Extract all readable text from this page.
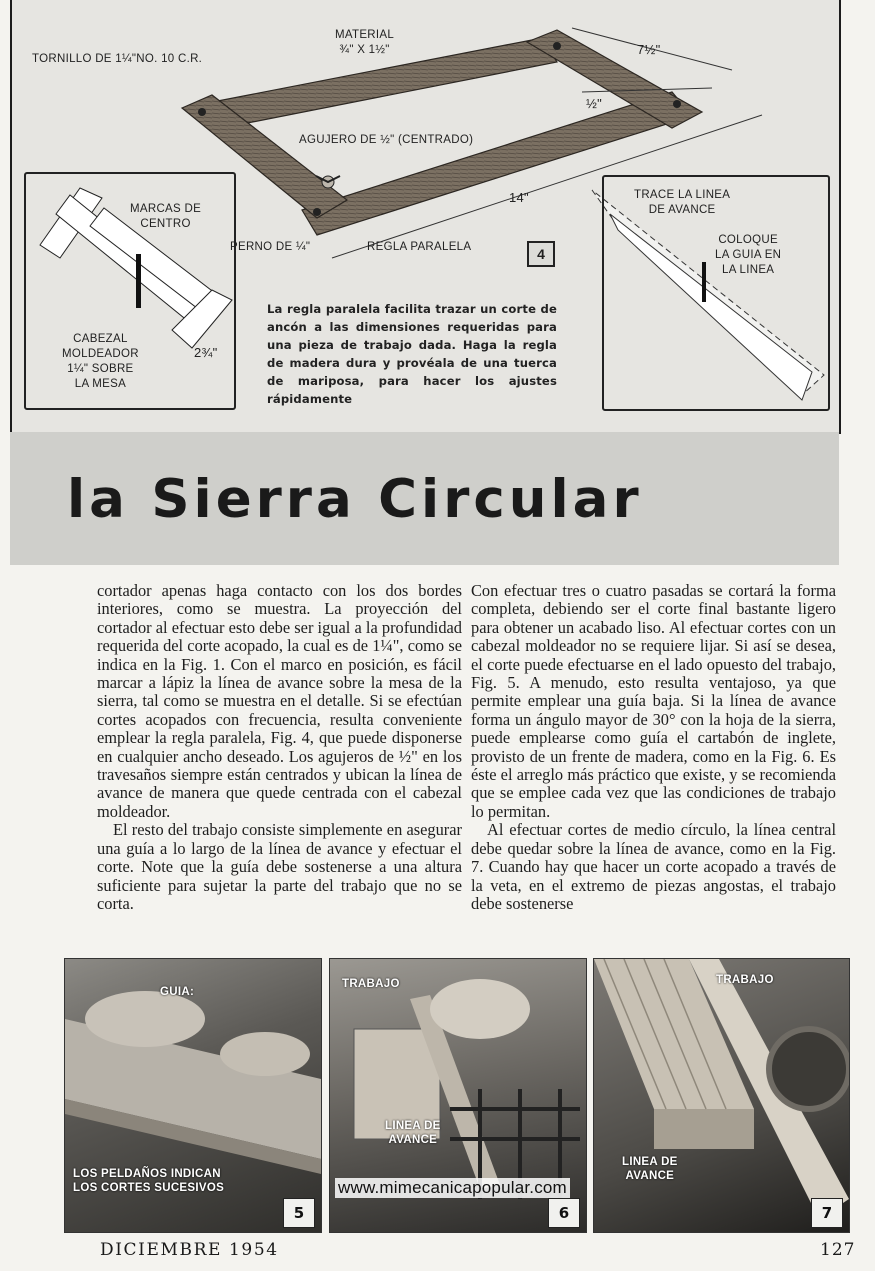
TORNILLO DE 1¼"NO. 10 C.R.
MATERIAL
¾" X 1½"	7½"
½"
AGUJERO DE ½" (CENTRADO)
14"
PERNO DE ¼"	REGLA PARALELA	4
MARCAS DE
CENTRO
CABEZAL
MOLDEADOR
1¼" SOBRE
LA MESA
2¾"
TRACE LA LINEA
DE AVANCE
COLOQUE
LA GUIA EN
LA LINEA
La regla paralela facilita trazar un corte de ancón a las dimensiones requeridas para una pieza de trabajo dada. Haga la regla de madera dura y provéala de una tuerca de mariposa, para hacer los ajustes rápidamente
la Sierra Circular

cortador apenas haga contacto con los dos bordes interiores, como se muestra. La proyección del cortador al efectuar esto debe ser igual a la profundidad requerida del corte acopado, la cual es de 1¼", como se indica en la Fig. 1. Con el marco en posición, es fácil marcar a lápiz la línea de avance sobre la mesa de la sierra, tal como se muestra en el detalle. Si se efectúan cortes acopados con frecuencia, resulta conveniente emplear la regla paralela, Fig. 4, que puede disponerse en cualquier ancho deseado. Los agujeros de ½" en los travesaños siempre están centrados y ubican la línea de avance de manera que quede centrada con el cabezal moldeador.

El resto del trabajo consiste simplemente en asegurar una guía a lo largo de la línea de avance y efectuar el corte. Note que la guía debe sostenerse a una altura suficiente para sujetar la parte del trabajo que no se corta.

Con efectuar tres o cuatro pasadas se cortará la forma completa, debiendo ser el corte final bastante ligero para obtener un acabado liso. Al efectuar cortes con un cabezal moldeador no se requiere lijar. Si así se desea, el corte puede efectuarse en el lado opuesto del trabajo, Fig. 5. A menudo, esto resulta ventajoso, ya que permite emplear una guía baja. Si la línea de avance forma un ángulo mayor de 30° con la hoja de la sierra, puede emplearse como guía el cartabón de inglete, provisto de un frente de madera, como en la Fig. 6. Es éste el arreglo más práctico que existe, y se recomienda que se emplee cada vez que las condiciones de trabajo lo permitan.

Al efectuar cortes de medio círculo, la línea central debe quedar sobre la línea de avance, como en la Fig. 7. Cuando hay que hacer un corte acopado a través de la veta, en el extremo de piezas angostas, el trabajo debe sostenerse

GUIA:
LOS PELDAÑOS INDICAN
LOS CORTES SUCESIVOS
5
TRABAJO
LINEA DE
AVANCE
6
TRABAJO
LINEA DE
AVANCE
7
www.mimecanicapopular.com
DICIEMBRE 1954	127
